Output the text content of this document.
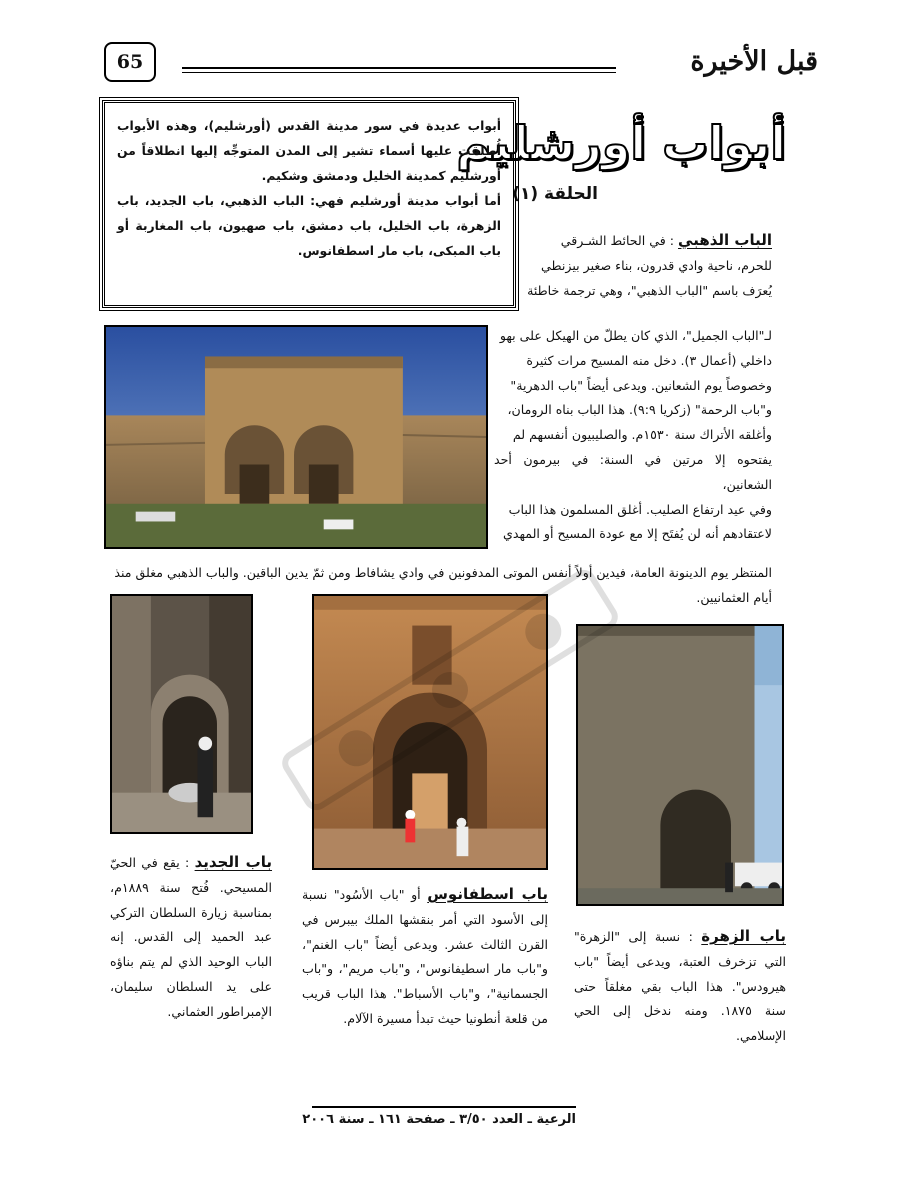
65	قبل الأخيرة
أبواب أورشليم
الحلقة (١)

أبواب عديدة في سور مدينة القدس (أورشليم)، وهذه الأبواب أُطلقت عليها أسماء تشير إلى المدن المتوجِّه إليها انطلاقاً من أورشليم كمدينة الخليل ودمشق وشكيم.

أما أبواب مدينة أورشليم فهي: الباب الذهبي، باب الجديد، باب الزهرة، باب الخليل، باب دمشق، باب صهيون، باب المغاربة أو باب المبكى، باب مار اسطفانوس.

الباب الذهبي : في الحائط الشـرقي

للحرم، ناحية وادي قدرون، بناء صغير بيزنطي

يُعرَف باسم "الباب الذهبي"، وهي ترجمة خاطئة

لـ"الباب الجميل"، الذي كان يطلّ من الهيكل على بهو

داخلي (أعمال ٣). دخل منه المسيح مرات كثيرة

وخصوصاً يوم الشعانين. ويدعى أيضاً "باب الدهرية"

و"باب الرحمة" (زكريا ٩:٩). هذا الباب بناه الرومان،

وأغلقه الأتراك سنة ١٥٣٠م. والصليبيون أنفسهم لم

يفتحوه إلا مرتين في السنة: في بيرمون أحد الشعانين،

وفي عيد ارتفاع الصليب. أغلق المسلمون هذا الباب

لاعتقادهم أنه لن يُفتَح إلا مع عودة المسيح أو المهدي

المنتظر يوم الدينونة العامة، فيدين أولاً أنفس الموتى المدفونين في وادي يشافاط ومن ثمّ يدين الباقين. والباب الذهبي مغلق منذ

أيام العثمانيين.

باب الجديد : يقع في الحيّ المسيحي. فُتح سنة ١٨٨٩م، بمناسبة زيارة السلطان التركي عبد الحميد إلى القدس. إنه الباب الوحيد الذي لم يتم بناؤه على يد السلطان سليمان، الإمبراطور العثماني.
باب اسطفانوس أو "باب الأسُود" نسبة إلى الأسود التي أمر بنقشها الملك بيبرس في القرن الثالث عشر. ويدعى أيضاً "باب الغنم"، و"باب مار اسطيفانوس"، و"باب مريم"، و"باب الجسمانية"، و"باب الأسباط". هذا الباب قريب من قلعة أنطونيا حيث تبدأ مسيرة الآلام.
باب الزهرة : نسبة إلى "الزهرة" التي تزخرف العتبة، ويدعى أيضاً "باب هيرودس". هذا الباب بقي مغلقاً حتى سنة ١٨٧٥. ومنه ندخل إلى الحي الإسلامي.
الرعية ـ العدد ٣/٥٠ ـ صفحة ١٦١ ـ سنة ٢٠٠٦
